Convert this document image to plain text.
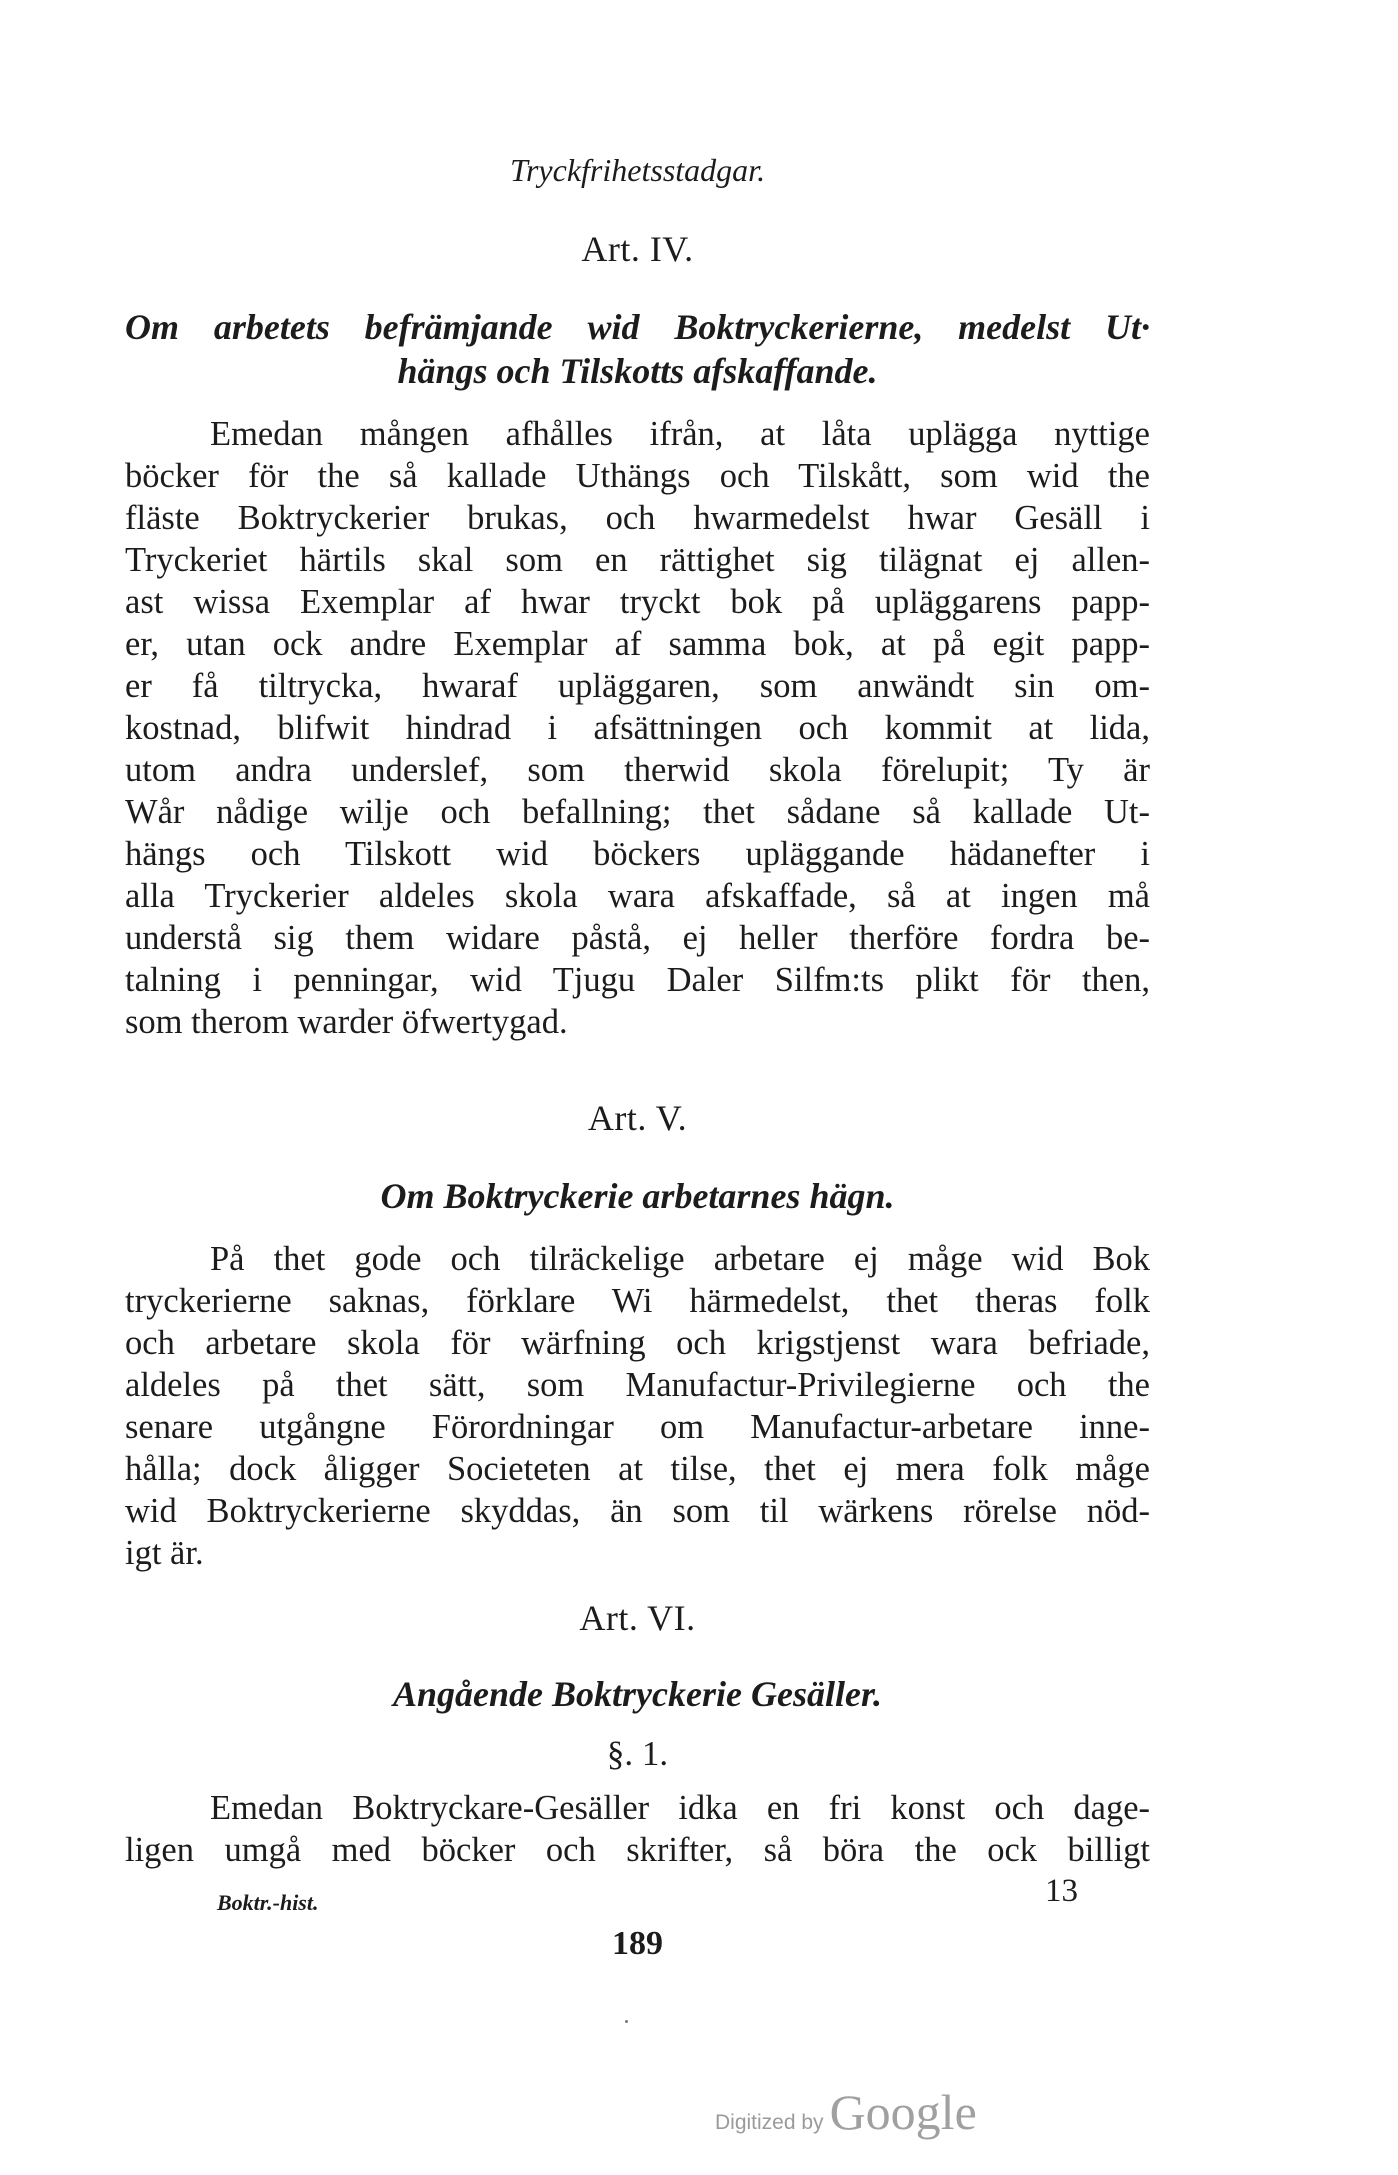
Tryckfrihetsstadgar.
Art. IV.
Om arbetets befrämjande wid Boktryckerierne, medelst Ut·
hängs och Tilskotts afskaffande.
Emedan mången afhålles ifrån, at låta uplägga nyttige
böcker för the så kallade Uthängs och Tilskått, som wid the
fläste Boktryckerier brukas, och hwarmedelst hwar Gesäll i
Tryckeriet härtils skal som en rättighet sig tilägnat ej allen-
ast wissa Exemplar af hwar tryckt bok på upläggarens papp-
er, utan ock andre Exemplar af samma bok, at på egit papp-
er få tiltrycka, hwaraf upläggaren, som anwändt sin om-
kostnad, blifwit hindrad i afsättningen och kommit at lida,
utom andra underslef, som therwid skola förelupit; Ty är
Wår nådige wilje och befallning; thet sådane så kallade Ut-
hängs och Tilskott wid böckers upläggande hädanefter i
alla Tryckerier aldeles skola wara afskaffade, så at ingen må
understå sig them widare påstå, ej heller therföre fordra be-
talning i penningar, wid Tjugu Daler Silfm:ts plikt för then,
som therom warder öfwertygad.
Art. V.
Om Boktryckerie arbetarnes hägn.
På thet gode och tilräckelige arbetare ej måge wid Bok
tryckerierne saknas, förklare Wi härmedelst, thet theras folk
och arbetare skola för wärfning och krigstjenst wara befriade,
aldeles på thet sätt, som Manufactur-Privilegierne och the
senare utgångne Förordningar om Manufactur-arbetare inne-
hålla; dock åligger Societeten at tilse, thet ej mera folk måge
wid Boktryckerierne skyddas, än som til wärkens rörelse nöd-
igt är.
Art. VI.
Angående Boktryckerie Gesäller.
§. 1.
Emedan Boktryckare-Gesäller idka en fri konst och dage-
ligen umgå med böcker och skrifter, så böra the ock billigt
Boktr.-hist.	13
189
Digitized by Google
